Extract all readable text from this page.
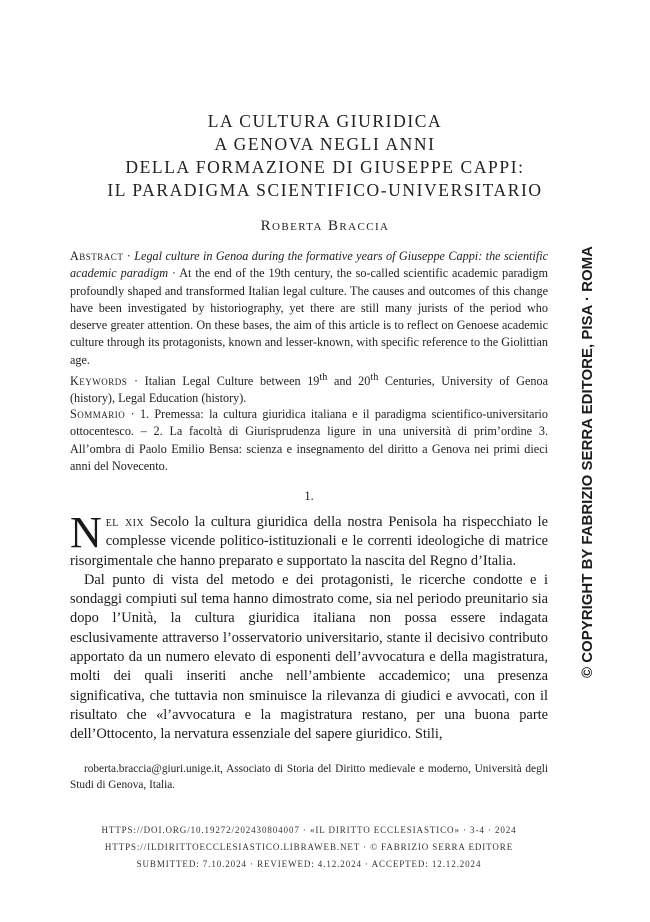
LA CULTURA GIURIDICA
A GENOVA NEGLI ANNI
DELLA FORMAZIONE DI GIUSEPPE CAPPI:
IL PARADIGMA SCIENTIFICO-UNIVERSITARIO
Roberta Braccia
Abstract · Legal culture in Genoa during the formative years of Giuseppe Cappi: the scientific academic paradigm · At the end of the 19th century, the so-called scientific academic paradigm profoundly shaped and transformed Italian legal culture. The causes and outcomes of this change have been investigated by historiography, yet there are still many jurists of the period who deserve greater attention. On these bases, the aim of this article is to reflect on Genoese academic culture through its protagonists, known and lesser-known, with specific reference to the Giolittian age.
Keywords · Italian Legal Culture between 19th and 20th Centuries, University of Genoa (history), Legal Education (history).
Sommario · 1. Premessa: la cultura giuridica italiana e il paradigma scientifico-universitario ottocentesco. – 2. La facoltà di Giurisprudenza ligure in una università di prim’ordine 3. All’ombra di Paolo Emilio Bensa: scienza e insegnamento del diritto a Genova nei primi dieci anni del Novecento.
1.

Nel xix Secolo la cultura giuridica della nostra Penisola ha rispecchiato le complesse vicende politico-istituzionali e le correnti ideologiche di matrice risorgimentale che hanno preparato e supportato la nascita del Regno d’Italia.

Dal punto di vista del metodo e dei protagonisti, le ricerche condotte e i sondaggi compiuti sul tema hanno dimostrato come, sia nel periodo preunitario sia dopo l’Unità, la cultura giuridica italiana non possa essere indagata esclusivamente attraverso l’osservatorio universitario, stante il decisivo contributo apportato da un numero elevato di esponenti dell’avvocatura e della magistratura, molti dei quali inseriti anche nell’ambiente accademico; una presenza significativa, che tuttavia non sminuisce la rilevanza di giudici e avvocati, con il risultato che «l’avvocatura e la magistratura restano, per una buona parte dell’Ottocento, la nervatura essenziale del sapere giuridico. Stili,

roberta.braccia@giuri.unige.it, Associato di Storia del Diritto medievale e moderno, Università degli Studi di Genova, Italia.
HTTPS://DOI.ORG/10.19272/202430804007 · «IL DIRITTO ECCLESIASTICO» · 3-4 · 2024
HTTPS://ILDIRITTOECCLESIASTICO.LIBRAWEB.NET · © FABRIZIO SERRA EDITORE
SUBMITTED: 7.10.2024 · REVIEWED: 4.12.2024 · ACCEPTED: 12.12.2024
© COPYRIGHT BY FABRIZIO SERRA EDITORE, PISA · ROMA
